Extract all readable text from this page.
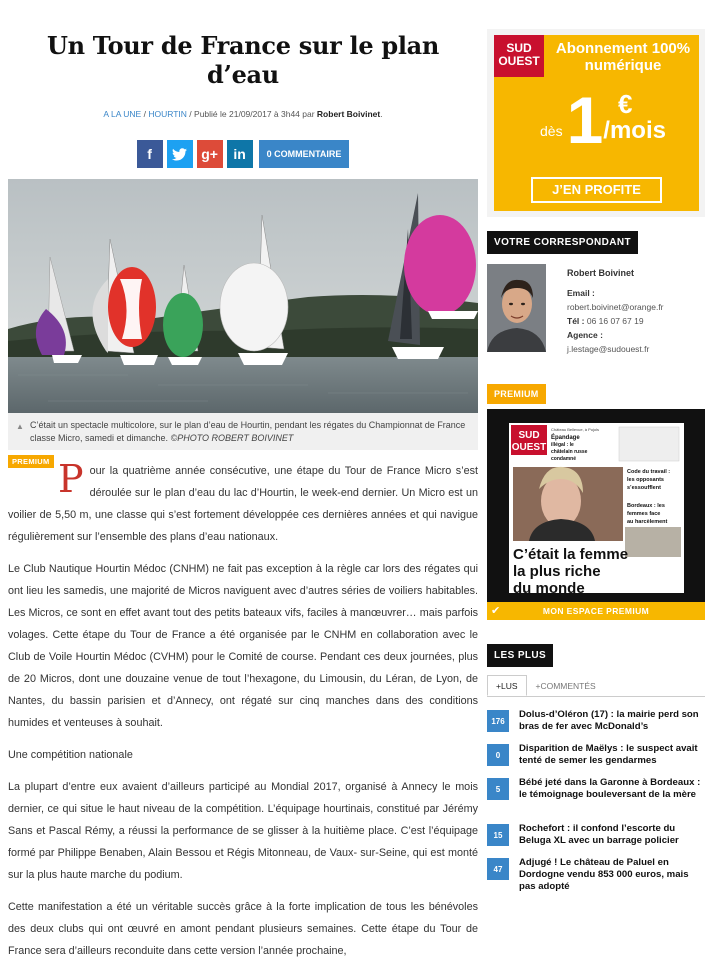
Un Tour de France sur le plan d’eau
A LA UNE / HOURTIN / Publié le 21/09/2017 à 3h44 par Robert Boivinet.
f	g+ in	0 COMMENTAIRE
▲ C’était un spectacle multicolore, sur le plan d’eau de Hourtin, pendant les régates du Championnat de France classe Micro, samedi et dimanche. ©PHOTO ROBERT BOIVINET
PREMIUM Pour la quatrième année consécutive, une étape du Tour de France Micro s’est déroulée sur le plan d’eau du lac d’Hourtin, le week-end dernier. Un Micro est un voilier de 5,50 m, une classe qui s’est fortement développée ces dernières années et qui navigue régulièrement sur l’ensemble des plans d’eau nationaux.

Le Club Nautique Hourtin Médoc (CNHM) ne fait pas exception à la règle car lors des régates qui ont lieu les samedis, une majorité de Micros naviguent avec d’autres séries de voiliers habitables. Les Micros, ce sont en effet avant tout des petits bateaux vifs, faciles à manœuvrer… mais parfois volages. Cette étape du Tour de France a été organisée par le CNHM en collaboration avec le Club de Voile Hourtin Médoc (CVHM) pour le Comité de course. Pendant ces deux journées, plus de 20 Micros, dont une douzaine venue de tout l’hexagone, du Limousin, du Léran, de Lyon, de Nantes, du bassin parisien et d’Annecy, ont régaté sur cinq manches dans des conditions humides et venteuses à souhait.

Une compétition nationale

La plupart d’entre eux avaient d’ailleurs participé au Mondial 2017, organisé à Annecy le mois dernier, ce qui situe le haut niveau de la compétition. L’équipage hourtinais, constitué par Jérémy Sans et Pascal Rémy, a réussi la performance de se glisser à la huitième place. C’est l’équipage formé par Philippe Benaben, Alain Bessou et Régis Mitonneau, de Vaux- sur-Seine, qui est monté sur la plus haute marche du podium.

Cette manifestation a été un véritable succès grâce à la forte implication de tous les bénévoles des deux clubs qui ont œuvré en amont pendant plusieurs semaines. Cette étape du Tour de France sera d’ailleurs reconduite dans cette version l’année prochaine,

SUD
OUEST
Abonnement 100% numérique
dès 1 €
/mois
J’EN PROFITE
VOTRE CORRESPONDANT
Robert Boivinet
Email :
robert.boivinet@orange.fr
Tél : 06 16 07 67 19
Agence :
j.lestage@sudouest.fr
PREMIUM
SUD
OUEST
Château Bellevue, à Pujols
Épandage
illégal : le
châtelain russe
condamné
Code du travail :
les opposants
s’essoufflent
Bordeaux : les
femmes face
au harcèlement
C’était la femme
la plus riche
du monde
MON ESPACE PREMIUM
✔
LES PLUS
+LUS	+COMMENTÉS
176
Dolus-d’Oléron (17) : la mairie perd son bras de fer avec McDonald’s
0
Disparition de Maëlys : le suspect avait tenté de semer les gendarmes
5
Bébé jeté dans la Garonne à Bordeaux : le témoignage bouleversant de la mère
15
Rochefort : il confond l’escorte du Beluga XL avec un barrage policier
47
Adjugé ! Le château de Paluel en Dordogne vendu 853 000 euros, mais pas adopté
